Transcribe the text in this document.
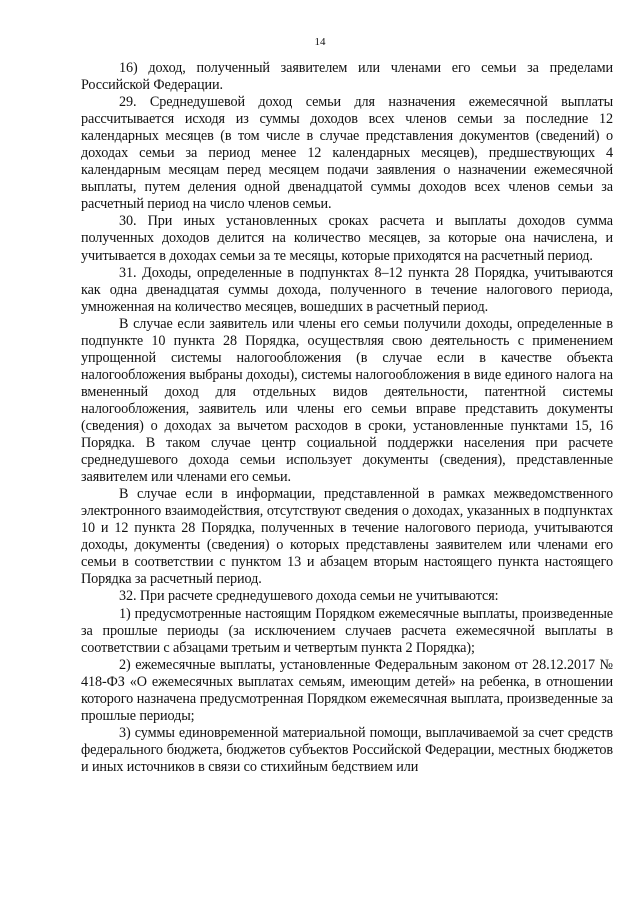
14

16) доход, полученный заявителем или членами его семьи за пределами Российской Федерации.

29. Среднедушевой доход семьи для назначения ежемесячной выплаты рассчитывается исходя из суммы доходов всех членов семьи за последние 12 календарных месяцев (в том числе в случае представления документов (сведений) о доходах семьи за период менее 12 календарных месяцев), предшествующих 4 календарным месяцам перед месяцем подачи заявления о назначении ежемесячной выплаты, путем деления одной двенадцатой суммы доходов всех членов семьи за расчетный период на число членов семьи.

30. При иных установленных сроках расчета и выплаты доходов сумма полученных доходов делится на количество месяцев, за которые она начислена, и учитывается в доходах семьи за те месяцы, которые приходятся на расчетный период.

31. Доходы, определенные в подпунктах 8–12 пункта 28 Порядка, учитываются как одна двенадцатая суммы дохода, полученного в течение налогового периода, умноженная на количество месяцев, вошедших в расчетный период.

В случае если заявитель или члены его семьи получили доходы, определенные в подпункте 10 пункта 28 Порядка, осуществляя свою деятельность с применением упрощенной системы налогообложения (в случае если в качестве объекта налогообложения выбраны доходы), системы налогообложения в виде единого налога на вмененный доход для отдельных видов деятельности, патентной системы налогообложения, заявитель или члены его семьи вправе представить документы (сведения) о доходах за вычетом расходов в сроки, установленные пунктами 15, 16 Порядка. В таком случае центр социальной поддержки населения при расчете среднедушевого дохода семьи использует документы (сведения), представленные заявителем или членами его семьи.

В случае если в информации, представленной в рамках межведомственного электронного взаимодействия, отсутствуют сведения о доходах, указанных в подпунктах 10 и 12 пункта 28 Порядка, полученных в течение налогового периода, учитываются доходы, документы (сведения) о которых представлены заявителем или членами его семьи в соответствии с пунктом 13 и абзацем вторым настоящего пункта настоящего Порядка за расчетный период.

32. При расчете среднедушевого дохода семьи не учитываются:

1) предусмотренные настоящим Порядком ежемесячные выплаты, произведенные за прошлые периоды (за исключением случаев расчета ежемесячной выплаты в соответствии с абзацами третьим и четвертым пункта 2 Порядка);

2) ежемесячные выплаты, установленные Федеральным законом от 28.12.2017 № 418-ФЗ «О ежемесячных выплатах семьям, имеющим детей» на ребенка, в отношении которого назначена предусмотренная Порядком ежемесячная выплата, произведенные за прошлые периоды;

3) суммы единовременной материальной помощи, выплачиваемой за счет средств федерального бюджета, бюджетов субъектов Российской Федерации, местных бюджетов и иных источников в связи со стихийным бедствием или
